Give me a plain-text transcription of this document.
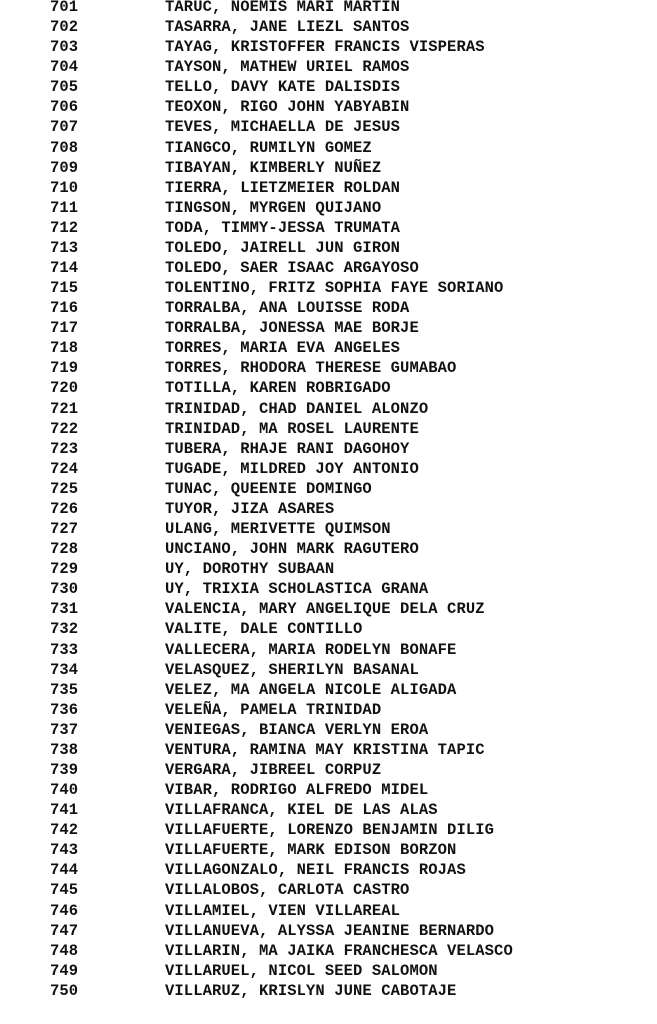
701	TARUC, NOEMIS MARI MARTIN
702	TASARRA, JANE LIEZL SANTOS
703	TAYAG, KRISTOFFER FRANCIS VISPERAS
704	TAYSON, MATHEW URIEL RAMOS
705	TELLO, DAVY KATE DALISDIS
706	TEOXON, RIGO JOHN YABYABIN
707	TEVES, MICHAELLA DE JESUS
708	TIANGCO, RUMILYN GOMEZ
709	TIBAYAN, KIMBERLY NUÑEZ
710	TIERRA, LIETZMEIER ROLDAN
711	TINGSON, MYRGEN QUIJANO
712	TODA, TIMMY-JESSA TRUMATA
713	TOLEDO, JAIRELL JUN GIRON
714	TOLEDO, SAER ISAAC ARGAYOSO
715	TOLENTINO, FRITZ SOPHIA FAYE SORIANO
716	TORRALBA, ANA LOUISSE RODA
717	TORRALBA, JONESSA MAE BORJE
718	TORRES, MARIA EVA ANGELES
719	TORRES, RHODORA THERESE GUMABAO
720	TOTILLA, KAREN ROBRIGADO
721	TRINIDAD, CHAD DANIEL ALONZO
722	TRINIDAD, MA ROSEL LAURENTE
723	TUBERA, RHAJE RANI DAGOHOY
724	TUGADE, MILDRED JOY ANTONIO
725	TUNAC, QUEENIE DOMINGO
726	TUYOR, JIZA ASARES
727	ULANG, MERIVETTE QUIMSON
728	UNCIANO, JOHN MARK RAGUTERO
729	UY, DOROTHY SUBAAN
730	UY, TRIXIA SCHOLASTICA GRANA
731	VALENCIA, MARY ANGELIQUE DELA CRUZ
732	VALITE, DALE CONTILLO
733	VALLECERA, MARIA RODELYN BONAFE
734	VELASQUEZ, SHERILYN BASANAL
735	VELEZ, MA ANGELA NICOLE ALIGADA
736	VELEÑA, PAMELA TRINIDAD
737	VENIEGAS, BIANCA VERLYN EROA
738	VENTURA, RAMINA MAY KRISTINA TAPIC
739	VERGARA, JIBREEL CORPUZ
740	VIBAR, RODRIGO ALFREDO MIDEL
741	VILLAFRANCA, KIEL DE LAS ALAS
742	VILLAFUERTE, LORENZO BENJAMIN DILIG
743	VILLAFUERTE, MARK EDISON BORZON
744	VILLAGONZALO, NEIL FRANCIS ROJAS
745	VILLALOBOS, CARLOTA CASTRO
746	VILLAMIEL, VIEN VILLAREAL
747	VILLANUEVA, ALYSSA JEANINE BERNARDO
748	VILLARIN, MA JAIKA FRANCHESCA VELASCO
749	VILLARUEL, NICOL SEED SALOMON
750	VILLARUZ, KRISLYN JUNE CABOTAJE
